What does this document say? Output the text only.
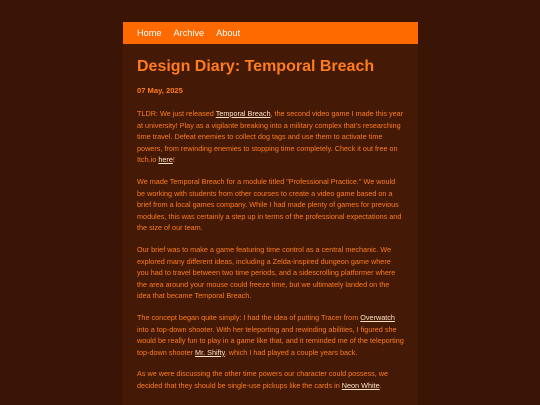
Home Archive About
Design Diary: Temporal Breach
07 May, 2025

TLDR: We just released Temporal Breach, the second video game I made this year at university! Play as a vigilante breaking into a military complex that's researching time travel. Defeat enemies to collect dog tags and use them to activate time powers, from rewinding enemies to stopping time completely. Check it out free on Itch.io here!

We made Temporal Breach for a module titled "Professional Practice." We would be working with students from other courses to create a video game based on a brief from a local games company. While I had made plenty of games for previous modules, this was certainly a step up in terms of the professional expectations and the size of our team.

Our brief was to make a game featuring time control as a central mechanic. We explored many different ideas, including a Zelda-inspired dungeon game where you had to travel between two time periods, and a sidescrolling platformer where the area around your mouse could freeze time, but we ultimately landed on the idea that became Temporal Breach.

The concept began quite simply: I had the idea of putting Tracer from Overwatch into a top-down shooter. With her teleporting and rewinding abilities, I figured she would be really fun to play in a game like that, and it reminded me of the teleporting top-down shooter Mr. Shifty, which I had played a couple years back.

As we were discussing the other time powers our character could possess, we decided that they should be single-use pickups like the cards in Neon White.
